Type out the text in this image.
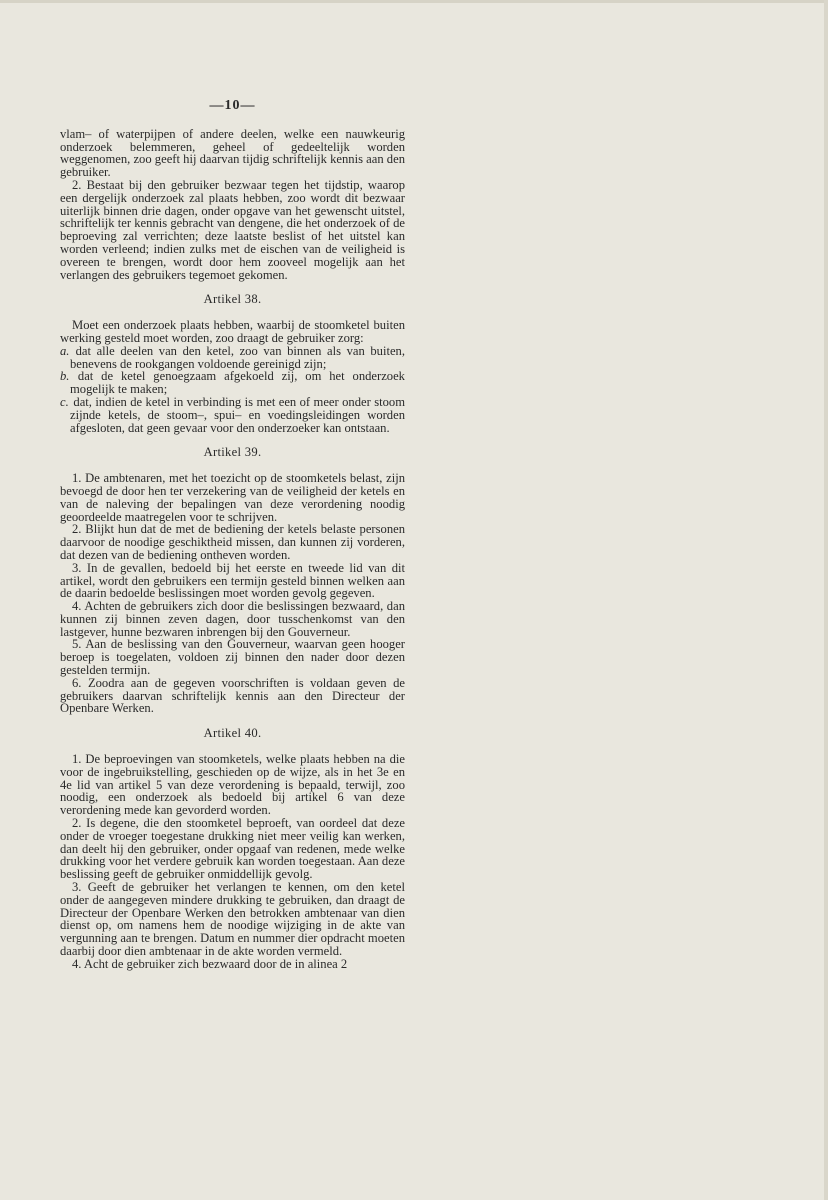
—10—

vlam– of waterpijpen of andere deelen, welke een nauwkeurig onderzoek belemmeren, geheel of gedeeltelijk worden weggenomen, zoo geeft hij daarvan tijdig schriftelijk kennis aan den gebruiker.

2. Bestaat bij den gebruiker bezwaar tegen het tijdstip, waarop een dergelijk onderzoek zal plaats hebben, zoo wordt dit bezwaar uiterlijk binnen drie dagen, onder opgave van het gewenscht uitstel, schriftelijk ter kennis gebracht van dengene, die het onderzoek of de beproeving zal verrichten; deze laatste beslist of het uitstel kan worden verleend; indien zulks met de eischen van de veiligheid is overeen te brengen, wordt door hem zooveel mogelijk aan het verlangen des gebruikers tegemoet gekomen.

Artikel 38.

Moet een onderzoek plaats hebben, waarbij de stoomketel buiten werking gesteld moet worden, zoo draagt de gebruiker zorg:

a. dat alle deelen van den ketel, zoo van binnen als van buiten, benevens de rookgangen voldoende gereinigd zijn;

b. dat de ketel genoegzaam afgekoeld zij, om het onderzoek mogelijk te maken;

c. dat, indien de ketel in verbinding is met een of meer onder stoom zijnde ketels, de stoom–, spui– en voedingsleidingen worden afgesloten, dat geen gevaar voor den onderzoeker kan ontstaan.

Artikel 39.

1. De ambtenaren, met het toezicht op de stoomketels belast, zijn bevoegd de door hen ter verzekering van de veiligheid der ketels en van de naleving der bepalingen van deze verordening noodig geoordeelde maatregelen voor te schrijven.

2. Blijkt hun dat de met de bediening der ketels belaste personen daarvoor de noodige geschiktheid missen, dan kunnen zij vorderen, dat dezen van de bediening ontheven worden.

3. In de gevallen, bedoeld bij het eerste en tweede lid van dit artikel, wordt den gebruikers een termijn gesteld binnen welken aan de daarin bedoelde beslissingen moet worden gevolg gegeven.

4. Achten de gebruikers zich door die beslissingen bezwaard, dan kunnen zij binnen zeven dagen, door tusschenkomst van den lastgever, hunne bezwaren inbrengen bij den Gouverneur.

5. Aan de beslissing van den Gouverneur, waarvan geen hooger beroep is toegelaten, voldoen zij binnen den nader door dezen gestelden termijn.

6. Zoodra aan de gegeven voorschriften is voldaan geven de gebruikers daarvan schriftelijk kennis aan den Directeur der Openbare Werken.

Artikel 40.

1. De beproevingen van stoomketels, welke plaats hebben na die voor de ingebruikstelling, geschieden op de wijze, als in het 3e en 4e lid van artikel 5 van deze verordening is bepaald, terwijl, zoo noodig, een onderzoek als bedoeld bij artikel 6 van deze verordening mede kan gevorderd worden.

2. Is degene, die den stoomketel beproeft, van oordeel dat deze onder de vroeger toegestane drukking niet meer veilig kan werken, dan deelt hij den gebruiker, onder opgaaf van redenen, mede welke drukking voor het verdere gebruik kan worden toegestaan. Aan deze beslissing geeft de gebruiker onmiddellijk gevolg.

3. Geeft de gebruiker het verlangen te kennen, om den ketel onder de aangegeven mindere drukking te gebruiken, dan draagt de Directeur der Openbare Werken den betrokken ambtenaar van dien dienst op, om namens hem de noodige wijziging in de akte van vergunning aan te brengen. Datum en nummer dier opdracht moeten daarbij door dien ambtenaar in de akte worden vermeld.

4. Acht de gebruiker zich bezwaard door de in alinea 2
